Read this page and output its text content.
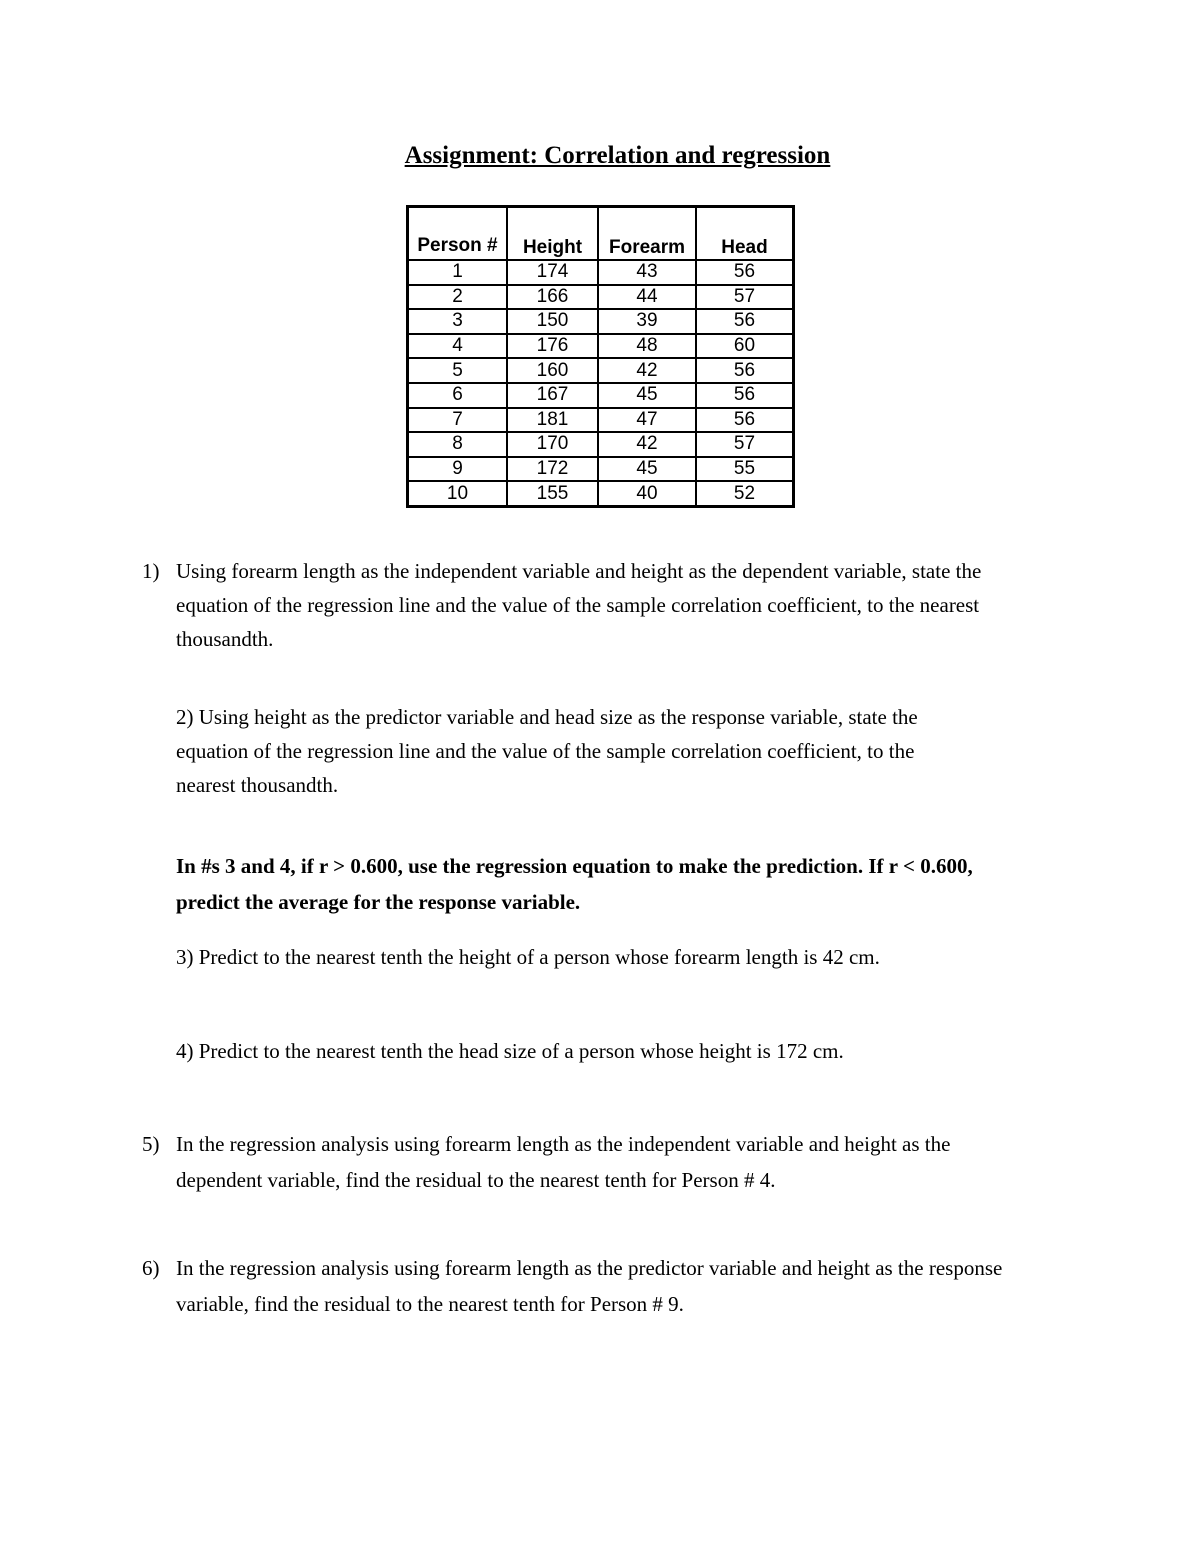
Assignment: Correlation and regression
Person #	Height	Forearm	Head
1	174	43	56
2	166	44	57
3	150	39	56
4	176	48	60
5	160	42	56
6	167	45	56
7	181	47	56
8	170	42	57
9	172	45	55
10	155	40	52

1) Using forearm length as the independent variable and height as the dependent variable, state the equation of the regression line and the value of the sample correlation coefficient, to the nearest thousandth.

2) Using height as the predictor variable and head size as the response variable, state the equation of the regression line and the value of the sample correlation coefficient, to the nearest thousandth.

In #s 3 and 4, if r > 0.600, use the regression equation to make the prediction. If r < 0.600, predict the average for the response variable.

3) Predict to the nearest tenth the height of a person whose forearm length is 42 cm.

4) Predict to the nearest tenth the head size of a person whose height is 172 cm.

5) In the regression analysis using forearm length as the independent variable and height as the dependent variable, find the residual to the nearest tenth for Person # 4.

6) In the regression analysis using forearm length as the predictor variable and height as the response variable, find the residual to the nearest tenth for Person # 9.
